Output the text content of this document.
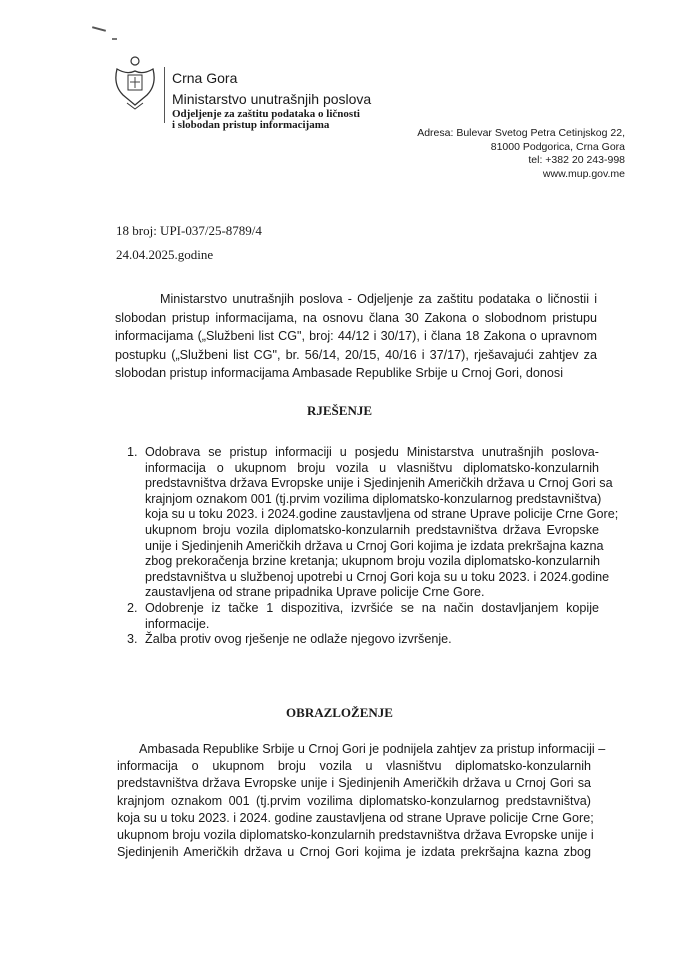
Crna Gora
Ministarstvo unutrašnjih poslova
Odjeljenje za zaštitu podataka o ličnosti
i slobodan pristup informacijama
Adresa: Bulevar Svetog Petra Cetinjskog 22,
81000 Podgorica, Crna Gora
tel: +382 20 243-998
www.mup.gov.me
18 broj: UPI-037/25-8789/4
24.04.2025.godine
Ministarstvo unutrašnjih poslova - Odjeljenje za zaštitu podataka o ličnostii i
slobodan pristup informacijama, na osnovu člana 30 Zakona o slobodnom pristupu
informacijama („Službeni list CG", broj: 44/12 i 30/17), i člana 18 Zakona o upravnom
postupku („Službeni list CG", br. 56/14, 20/15, 40/16 i 37/17), rješavajući zahtjev za
slobodan pristup informacijama Ambasade Republike Srbije u Crnoj Gori, donosi
RJEŠENJE
1. Odobrava se pristup informaciji u posjedu Ministarstva unutrašnjih poslova-
informacija o ukupnom broju vozila u vlasništvu diplomatsko-konzularnih
predstavništva država Evropske unije i Sjedinjenih Američkih država u Crnoj Gori sa
krajnjom oznakom 001 (tj.prvim vozilima diplomatsko-konzularnog predstavništva)
koja su u toku 2023. i 2024.godine zaustavljena od strane Uprave policije Crne Gore;
ukupnom broju vozila diplomatsko-konzularnih predstavništva država Evropske
unije i Sjedinjenih Američkih država u Crnoj Gori kojima je izdata prekršajna kazna
zbog prekoračenja brzine kretanja; ukupnom broju vozila diplomatsko-konzularnih
predstavništva u službenoj upotrebi u Crnoj Gori koja su u toku 2023. i 2024.godine
zaustavljena od strane pripadnika Uprave policije Crne Gore.
2. Odobrenje iz tačke 1 dispozitiva, izvršiće se na način dostavljanjem kopije
informacije.
3. Žalba protiv ovog rješenje ne odlaže njegovo izvršenje.
OBRAZLOŽENJE
Ambasada Republike Srbije u Crnoj Gori je podnijela zahtjev za pristup informaciji –
informacija o ukupnom broju vozila u vlasništvu diplomatsko-konzularnih
predstavništva država Evropske unije i Sjedinjenih Američkih država u Crnoj Gori sa
krajnjom oznakom 001 (tj.prvim vozilima diplomatsko-konzularnog predstavništva)
koja su u toku 2023. i 2024. godine zaustavljena od strane Uprave policije Crne Gore;
ukupnom broju vozila diplomatsko-konzularnih predstavništva država Evropske unije i
Sjedinjenih Američkih država u Crnoj Gori kojima je izdata prekršajna kazna zbog
